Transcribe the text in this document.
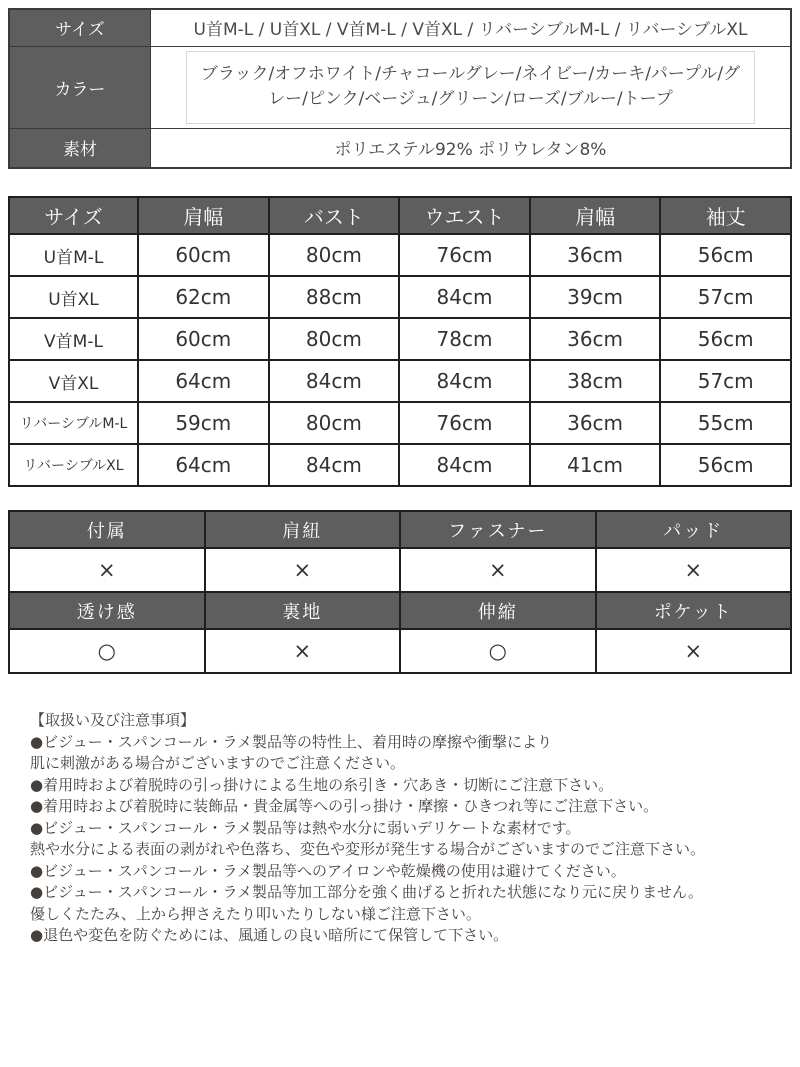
サイズ	U首M-L / U首XL / V首M-L / V首XL / リバーシブルM-L / リバーシブルXL
カラー	ブラック/オフホワイト/チャコールグレー/ネイビー/カーキ/パープル/グレー/ピンク/ベージュ/グリーン/ローズ/ブルー/トープ
素材	ポリエステル92% ポリウレタン8%
サイズ	肩幅	バスト	ウエスト	肩幅	袖丈
U首M-L	60cm	80cm	76cm	36cm	56cm
U首XL	62cm	88cm	84cm	39cm	57cm
V首M-L	60cm	80cm	78cm	36cm	56cm
V首XL	64cm	84cm	84cm	38cm	57cm
リバーシブルM-L	59cm	80cm	76cm	36cm	55cm
リバーシブルXL	64cm	84cm	84cm	41cm	56cm
付属	肩紐	ファスナー	パッド
×	×	×	×
透け感	裏地	伸縮	ポケット
○	×	○	×
【取扱い及び注意事項】
●ビジュー・スパンコール・ラメ製品等の特性上、着用時の摩擦や衝撃により
肌に刺激がある場合がございますのでご注意ください。
●着用時および着脱時の引っ掛けによる生地の糸引き・穴あき・切断にご注意下さい。
●着用時および着脱時に装飾品・貴金属等への引っ掛け・摩擦・ひきつれ等にご注意下さい。
●ビジュー・スパンコール・ラメ製品等は熱や水分に弱いデリケートな素材です。
熱や水分による表面の剥がれや色落ち、変色や変形が発生する場合がございますのでご注意下さい。
●ビジュー・スパンコール・ラメ製品等へのアイロンや乾燥機の使用は避けてください。
●ビジュー・スパンコール・ラメ製品等加工部分を強く曲げると折れた状態になり元に戻りません。
優しくたたみ、上から押さえたり叩いたりしない様ご注意下さい。
●退色や変色を防ぐためには、風通しの良い暗所にて保管して下さい。
